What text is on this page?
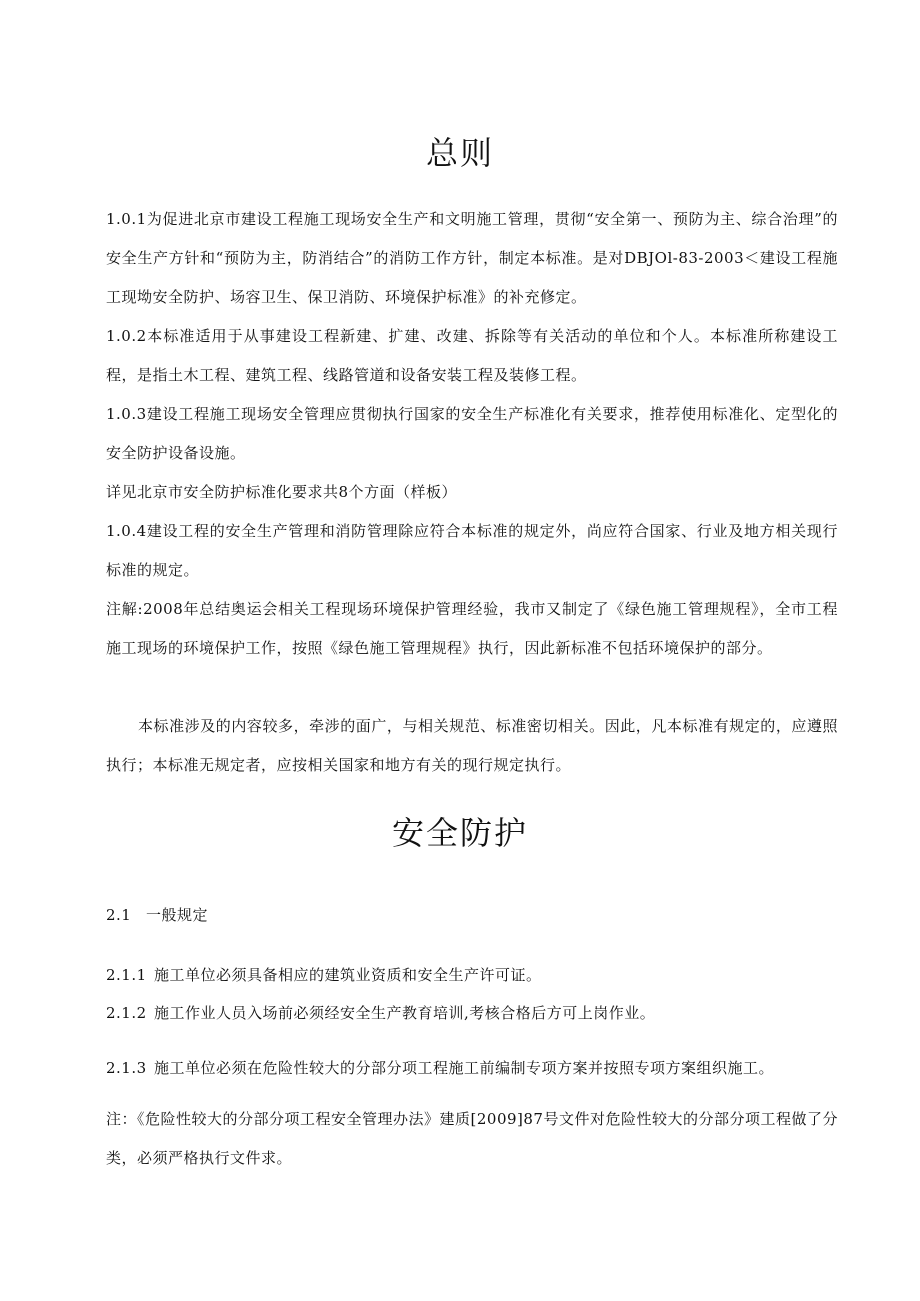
总则

1.0.1为促进北京市建设工程施工现场安全生产和文明施工管理，贯彻“安全第一、预防为主、综合治理”的安全生产方针和“预防为主，防消结合”的消防工作方针，制定本标准。是对DBJOl-83-2003＜建设工程施工现坳安全防护、场容卫生、保卫消防、环境保护标准》的补充修定。

1.0.2本标准适用于从事建设工程新建、扩建、改建、拆除等有关活动的单位和个人。本标准所称建设工程，是指土木工程、建筑工程、线路管道和设备安装工程及装修工程。

1.0.3建设工程施工现场安全管理应贯彻执行国家的安全生产标准化有关要求，推荐使用标准化、定型化的安全防护设备设施。

详见北京市安全防护标准化要求共8个方面（样板）

1.0.4建设工程的安全生产管理和消防管理除应符合本标准的规定外，尚应符合国家、行业及地方相关现行标准的规定。

注解:2008年总结奥运会相关工程现场环境保护管理经验，我市又制定了《绿色施工管理规程》，全市工程施工现场的环境保护工作，按照《绿色施工管理规程》执行，因此新标准不包括环境保护的部分。

本标准涉及的内容较多，牵涉的面广，与相关规范、标准密切相关。因此，凡本标准有规定的，应遵照执行；本标准无规定者，应按相关国家和地方有关的现行规定执行。

安全防护

2.1 一般规定

2.1.1 施工单位必须具备相应的建筑业资质和安全生产许可证。

2.1.2 施工作业人员入场前必须经安全生产教育培训,考核合格后方可上岗作业。

2.1.3 施工单位必须在危险性较大的分部分项工程施工前编制专项方案并按照专项方案组织施工。

注：《危险性较大的分部分项工程安全管理办法》建质[2009]87号文件对危险性较大的分部分项工程做了分类，必须严格执行文件求。
